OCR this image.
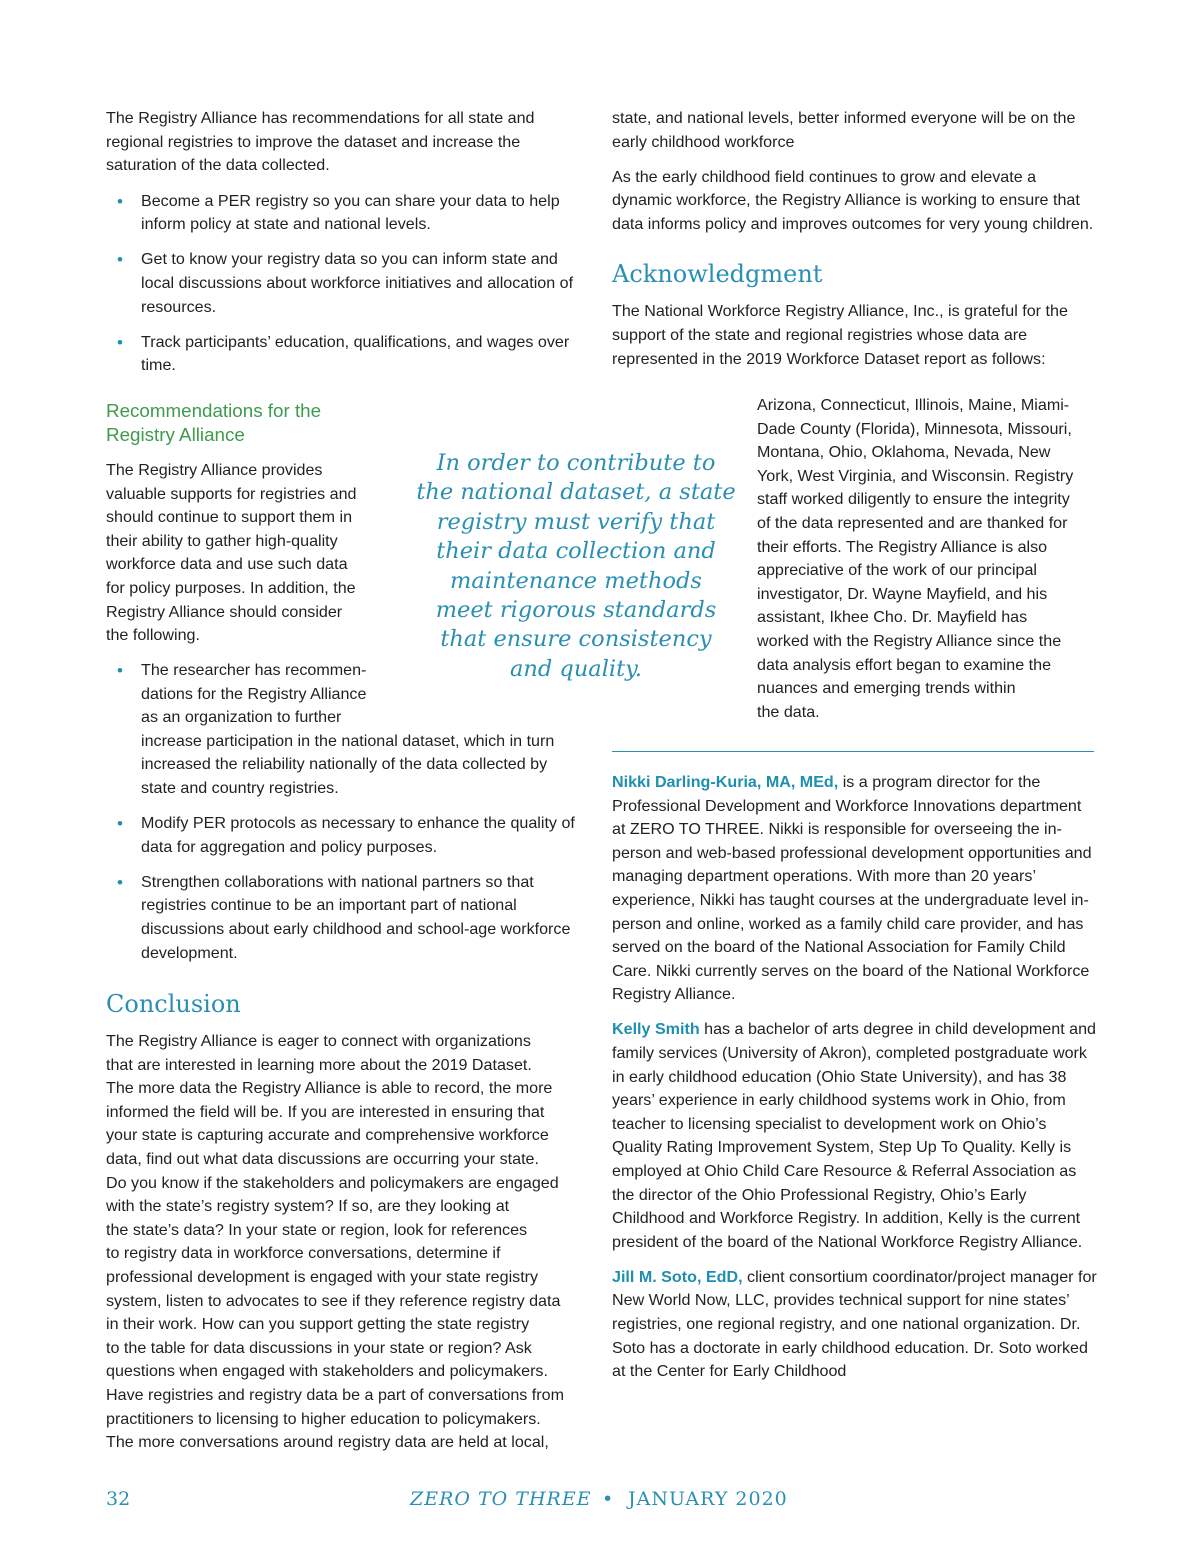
The Registry Alliance has recommendations for all state and regional registries to improve the dataset and increase the saturation of the data collected.

• Become a PER registry so you can share your data to help inform policy at state and national levels.
• Get to know your registry data so you can inform state and local discussions about workforce initiatives and allocation of resources.
• Track participants’ education, qualifications, and wages over time.
Recommendations for the
Registry Alliance

The Registry Alliance provides
valuable supports for registries and
should continue to support them in
their ability to gather high-quality
workforce data and use such data
for policy purposes. In addition, the
Registry Alliance should consider
the following.

• The researcher has recommen-
dations for the Registry Alliance
as an organization to further
increase participation in the national dataset, which in turn
increased the reliability nationally of the data collected by
state and country registries.
• Modify PER protocols as necessary to enhance the quality of data for aggregation and policy purposes.
• Strengthen collaborations with national partners so that registries continue to be an important part of national discussions about early childhood and school-age workforce development.
Conclusion

The Registry Alliance is eager to connect with organizations
that are interested in learning more about the 2019 Dataset.
The more data the Registry Alliance is able to record, the more
informed the field will be. If you are interested in ensuring that
your state is capturing accurate and comprehensive workforce
data, find out what data discussions are occurring your state.
Do you know if the stakeholders and policymakers are engaged
with the state’s registry system? If so, are they looking at
the state’s data? In your state or region, look for references
to registry data in workforce conversations, determine if
professional development is engaged with your state registry
system, listen to advocates to see if they reference registry data
in their work. How can you support getting the state registry
to the table for data discussions in your state or region? Ask
questions when engaged with stakeholders and policymakers.
Have registries and registry data be a part of conversations from
practitioners to licensing to higher education to policymakers.
The more conversations around registry data are held at local,

In order to contribute to
the national dataset, a state
registry must verify that
their data collection and
maintenance methods
meet rigorous standards
that ensure consistency
and quality.

state, and national levels, better informed everyone will be on the early childhood workforce

As the early childhood field continues to grow and elevate a dynamic workforce, the Registry Alliance is working to ensure that data informs policy and improves outcomes for very young children.

Acknowledgment

The National Workforce Registry Alliance, Inc., is grateful for the support of the state and regional registries whose data are represented in the 2019 Workforce Dataset report as follows:

Arizona, Connecticut, Illinois, Maine, Miami-
Dade County (Florida), Minnesota, Missouri,
Montana, Ohio, Oklahoma, Nevada, New
York, West Virginia, and Wisconsin. Registry
staff worked diligently to ensure the integrity
of the data represented and are thanked for
their efforts. The Registry Alliance is also
appreciative of the work of our principal
investigator, Dr. Wayne Mayfield, and his
assistant, Ikhee Cho. Dr. Mayfield has
worked with the Registry Alliance since the
data analysis effort began to examine the
nuances and emerging trends within
the data.

Nikki Darling-Kuria, MA, MEd, is a program director for the Professional Development and Workforce Innovations department at ZERO TO THREE. Nikki is responsible for overseeing the in-person and web-based professional development opportunities and managing department operations. With more than 20 years’ experience, Nikki has taught courses at the undergraduate level in-person and online, worked as a family child care provider, and has served on the board of the National Association for Family Child Care. Nikki currently serves on the board of the National Workforce Registry Alliance.

Kelly Smith has a bachelor of arts degree in child development and family services (University of Akron), completed postgraduate work in early childhood education (Ohio State University), and has 38 years’ experience in early childhood systems work in Ohio, from teacher to licensing specialist to development work on Ohio’s Quality Rating Improvement System, Step Up To Quality. Kelly is employed at Ohio Child Care Resource & Referral Association as the director of the Ohio Professional Registry, Ohio’s Early Childhood and Workforce Registry. In addition, Kelly is the current president of the board of the National Workforce Registry Alliance.

Jill M. Soto, EdD, client consortium coordinator/project manager for New World Now, LLC, provides technical support for nine states’ registries, one regional registry, and one national organization. Dr. Soto has a doctorate in early childhood education. Dr. Soto worked at the Center for Early Childhood

32	ZERO TO THREE • JANUARY 2020
